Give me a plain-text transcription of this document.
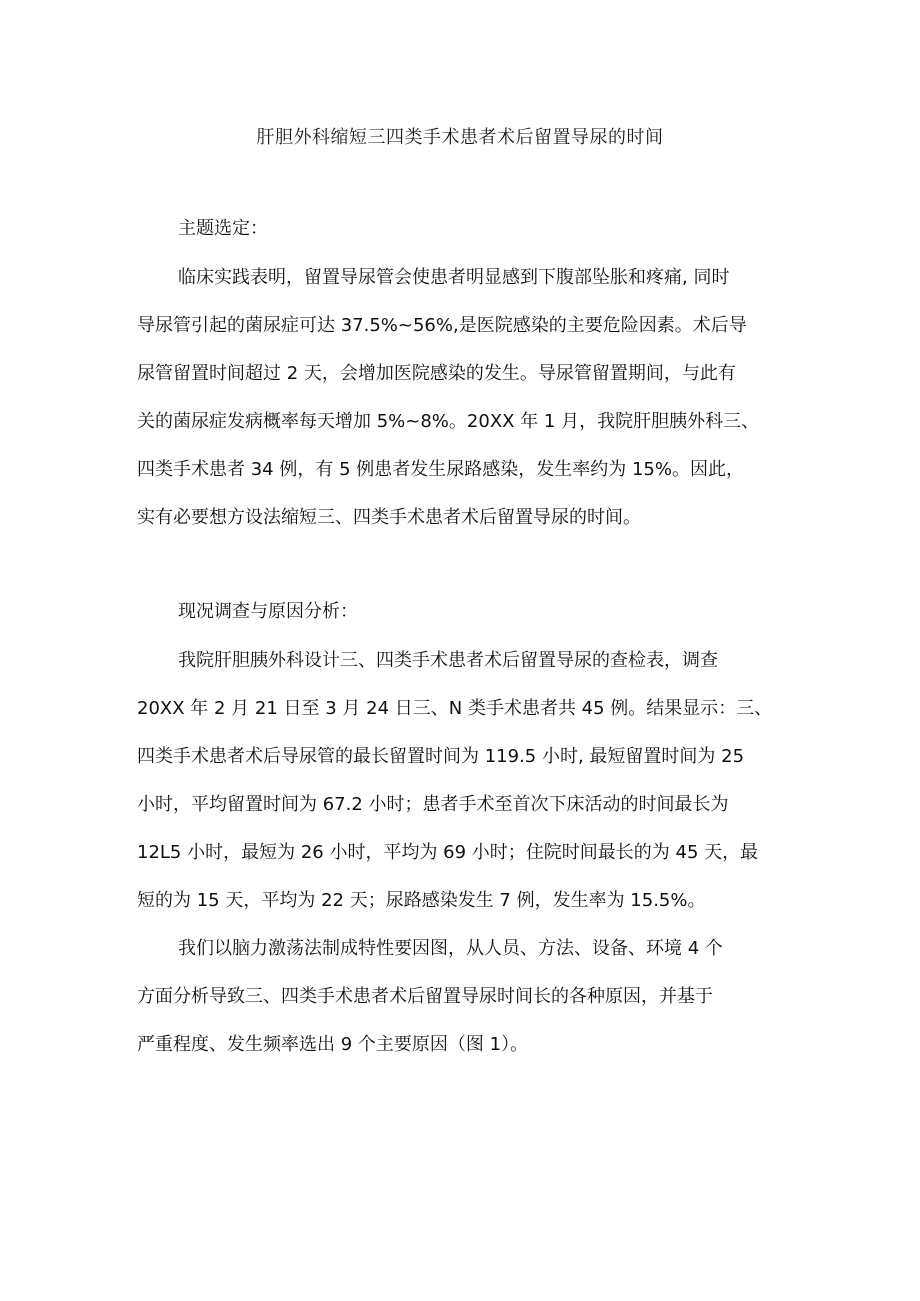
肝胆外科缩短三四类手术患者术后留置导尿的时间
主题选定：
临床实践表明，留置导尿管会使患者明显感到下腹部坠胀和疼痛, 同时
导尿管引起的菌尿症可达 37.5%~56%,是医院感染的主要危险因素。术后导
尿管留置时间超过 2 天，会增加医院感染的发生。导尿管留置期间，与此有
关的菌尿症发病概率每天增加 5%~8%。20XX 年 1 月，我院肝胆胰外科三、
四类手术患者 34 例，有 5 例患者发生尿路感染，发生率约为 15%。因此，
实有必要想方设法缩短三、四类手术患者术后留置导尿的时间。
现况调查与原因分析：
我院肝胆胰外科设计三、四类手术患者术后留置导尿的查检表，调查
20XX 年 2 月 21 日至 3 月 24 日三、N 类手术患者共 45 例。结果显示：三、
四类手术患者术后导尿管的最长留置时间为 119.5 小时, 最短留置时间为 25
小时，平均留置时间为 67.2 小时；患者手术至首次下床活动的时间最长为
12L5 小时，最短为 26 小时，平均为 69 小时；住院时间最长的为 45 天，最
短的为 15 天，平均为 22 天；尿路感染发生 7 例，发生率为 15.5%。
我们以脑力激荡法制成特性要因图，从人员、方法、设备、环境 4 个
方面分析导致三、四类手术患者术后留置导尿时间长的各种原因，并基于
严重程度、发生频率选出 9 个主要原因（图 1）。
